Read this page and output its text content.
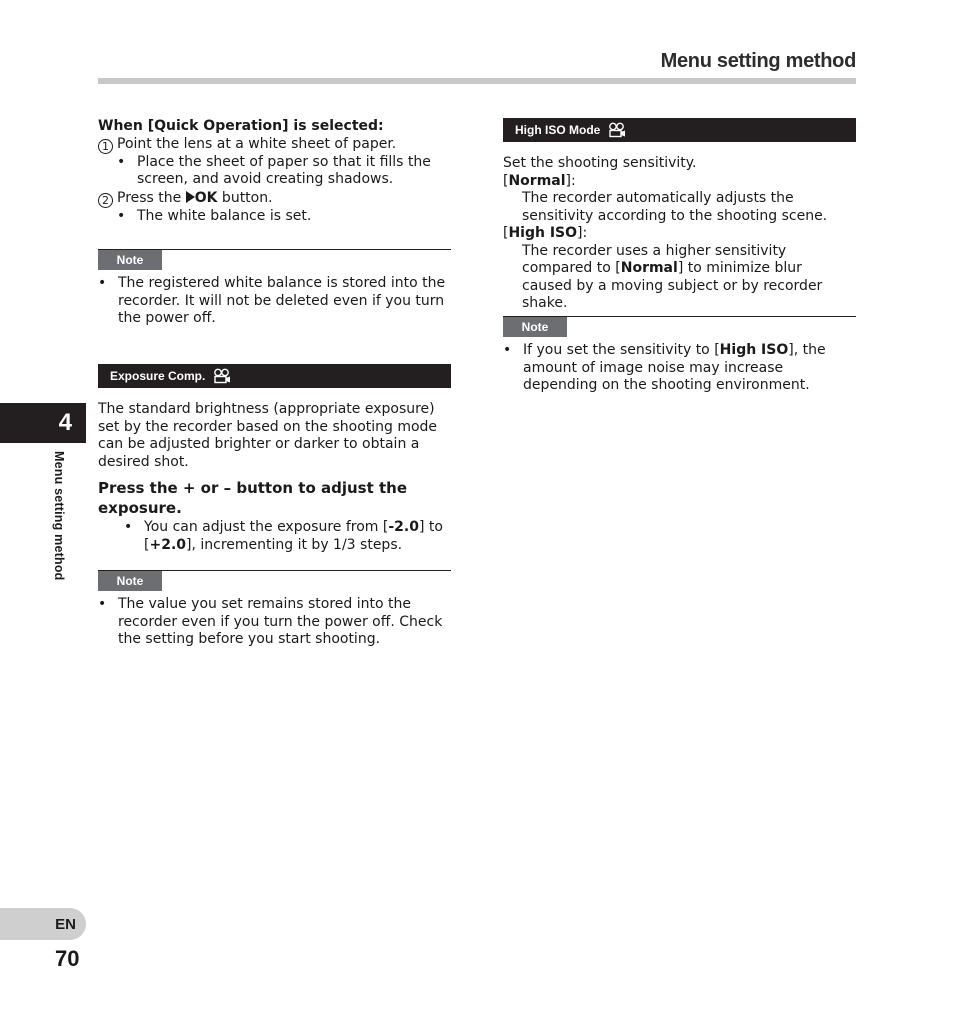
Menu setting method

When [Quick Operation] is selected:

1 Point the lens at a white sheet of paper.

• Place the sheet of paper so that it fills the screen, and avoid creating shadows.

2 Press the OK button.

• The white balance is set.

Note

• The registered white balance is stored into the recorder. It will not be deleted even if you turn the power off.

Exposure Comp.

The standard brightness (appropriate exposure) set by the recorder based on the shooting mode can be adjusted brighter or darker to obtain a desired shot.

Press the + or – button to adjust the exposure.

• You can adjust the exposure from [-2.0] to [+2.0], incrementing it by 1/3 steps.

Note

• The value you set remains stored into the recorder even if you turn the power off. Check the setting before you start shooting.

High ISO Mode

Set the shooting sensitivity.

[Normal]:

The recorder automatically adjusts the sensitivity according to the shooting scene.

[High ISO]:

The recorder uses a higher sensitivity compared to [Normal] to minimize blur caused by a moving subject or by recorder shake.

Note

• If you set the sensitivity to [High ISO], the amount of image noise may increase depending on the shooting environment.

4
Menu setting method
EN
70
